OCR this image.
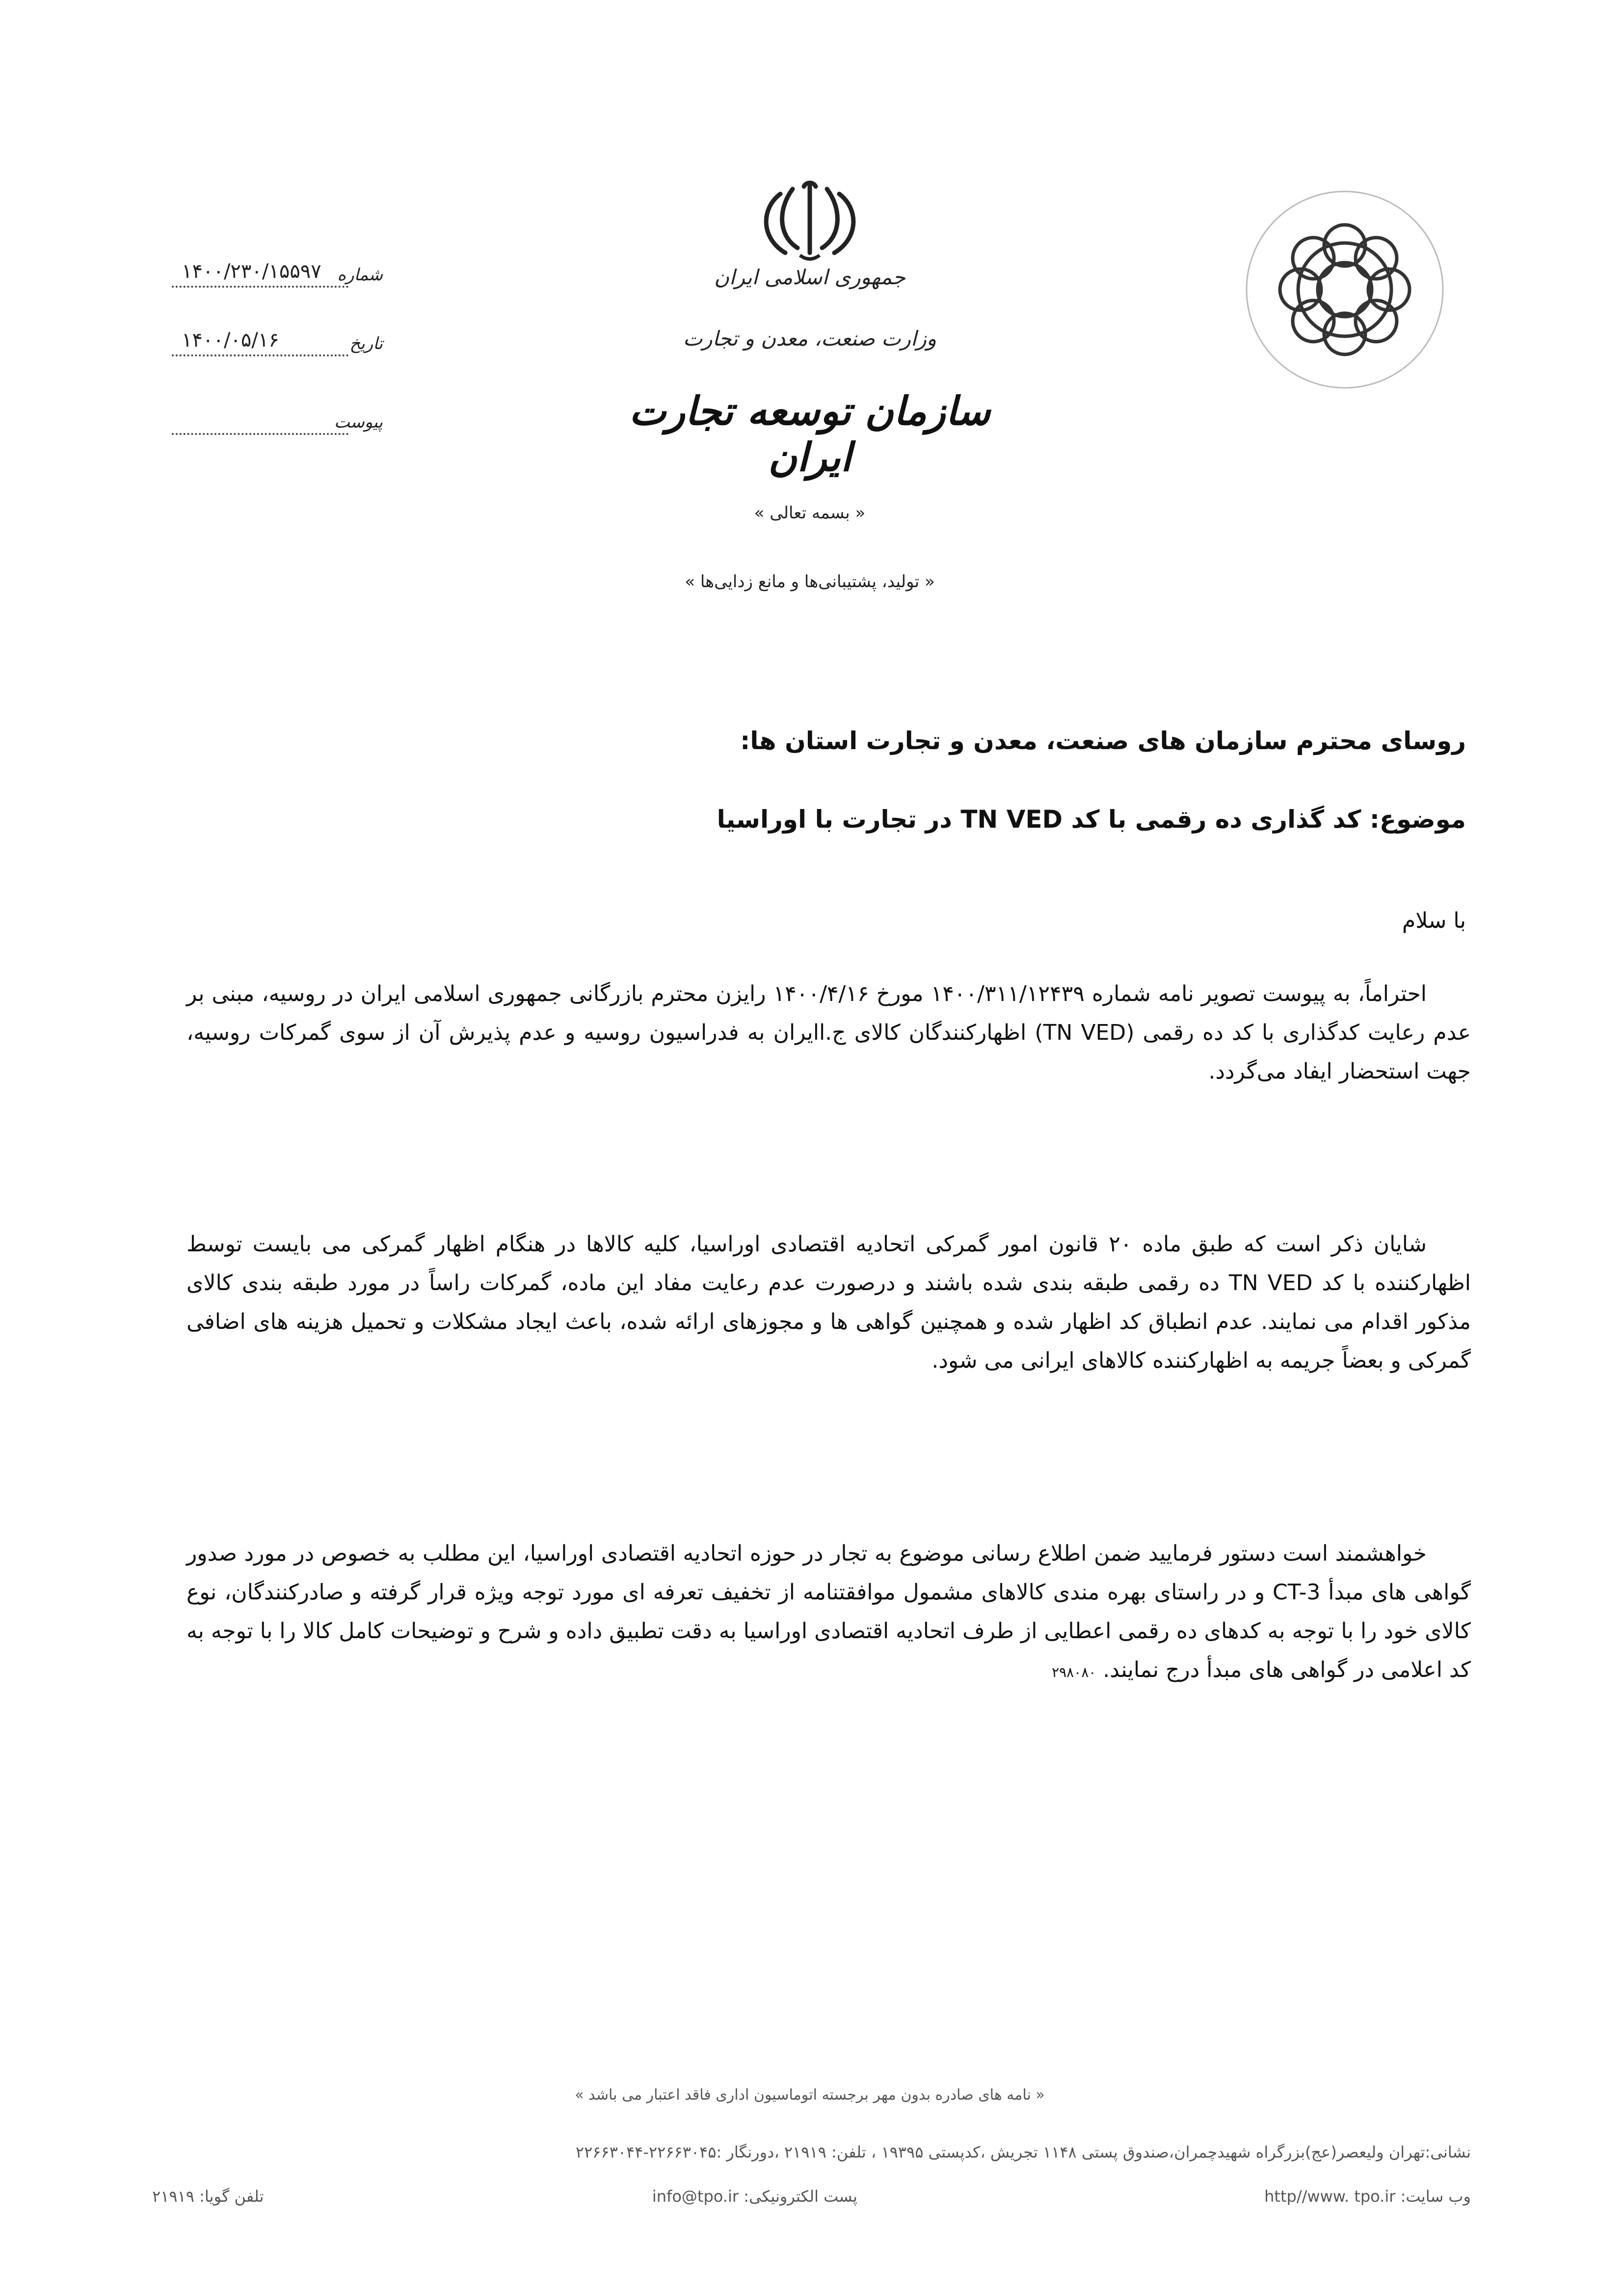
شماره
۱۴۰۰/۲۳۰/۱۵۵۹۷
تاریخ
۱۴۰۰/۰۵/۱۶
پیوست
جمهوری اسلامی ایران
وزارت صنعت، معدن و تجارت
سازمان توسعه تجارت ایران
« بسمه تعالی »
« تولید، پشتیبانی‌ها و مانع زدایی‌ها »
روسای محترم سازمان های صنعت، معدن و تجارت استان ها:
موضوع: کد گذاری ده رقمی با کد TN VED در تجارت با اوراسیا
با سلام
احتراماً، به پیوست تصویر نامه شماره ۱۴۰۰/۳۱۱/۱۲۴۳۹ مورخ ۱۴۰۰/۴/۱۶ رایزن محترم بازرگانی جمهوری اسلامی ایران در روسیه، مبنی بر عدم رعایت کدگذاری با کد ده رقمی (TN VED) اظهارکنندگان کالای ج.اایران به فدراسیون روسیه و عدم پذیرش آن از سوی گمرکات روسیه، جهت استحضار ایفاد می‌گردد.
شایان ذکر است که طبق ماده ۲۰ قانون امور گمرکی اتحادیه اقتصادی اوراسیا، کلیه کالاها در هنگام اظهار گمرکی می بایست توسط اظهارکننده با کد TN VED ده رقمی طبقه بندی شده باشند و درصورت عدم رعایت مفاد این ماده، گمرکات راساً در مورد طبقه بندی کالای مذکور اقدام می نمایند. عدم انطباق کد اظهار شده و همچنین گواهی ها و مجوزهای ارائه شده، باعث ایجاد مشکلات و تحمیل هزینه های اضافی گمرکی و بعضاً جریمه به اظهارکننده کالاهای ایرانی می شود.
خواهشمند است دستور فرمایید ضمن اطلاع رسانی موضوع به تجار در حوزه اتحادیه اقتصادی اوراسیا، این مطلب به خصوص در مورد صدور گواهی های مبدأ CT-3 و در راستای بهره مندی کالاهای مشمول موافقتنامه از تخفیف تعرفه ای مورد توجه ویژه قرار گرفته و صادرکنندگان، نوع کالای خود را با توجه به کدهای ده رقمی اعطایی از طرف اتحادیه اقتصادی اوراسیا به دقت تطبیق داده و شرح و توضیحات کامل کالا را با توجه به کد اعلامی در گواهی های مبدأ درج نمایند. ۲۹۸۰۸۰
« نامه های صادره بدون مهر برجسته اتوماسیون اداری فاقد اعتبار می باشد »
نشانی:تهران ولیعصر(عج)بزرگراه شهیدچمران،صندوق پستی ۱۱۴۸ تجریش ،کدپستی ۱۹۳۹۵ ، تلفن: ۲۱۹۱۹ ،دورنگار :۲۲۶۶۳۰۴۵-۲۲۶۶۳۰۴۴
وب سایت: http//www. tpo.ir
پست الکترونیکی: info@tpo.ir
تلفن گویا: ۲۱۹۱۹
